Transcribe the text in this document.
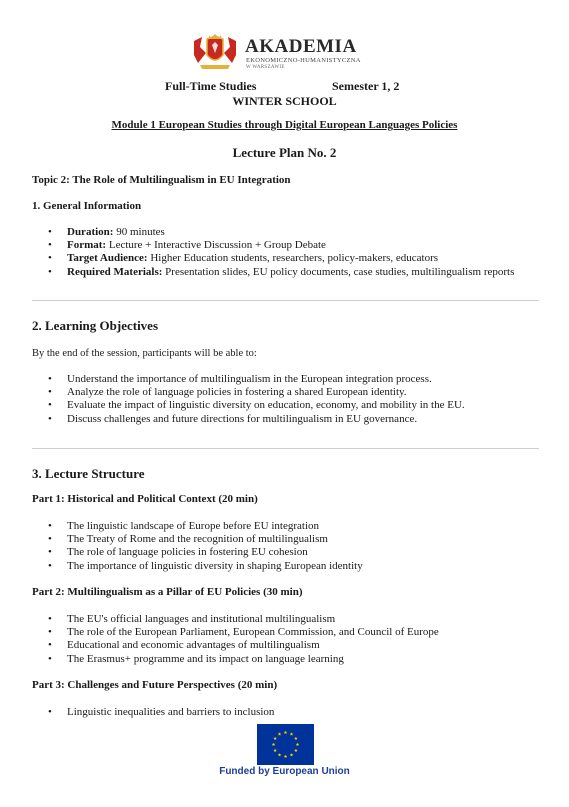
AKADEMIA
EKONOMICZNO-HUMANISTYCZNA
W WARSZAWIE
Full-Time Studies	Semester 1, 2
WINTER SCHOOL
Module 1 European Studies through Digital European Languages Policies
Lecture Plan No. 2
Topic 2: The Role of Multilingualism in EU Integration
1. General Information
• Duration: 90 minutes
• Format: Lecture + Interactive Discussion + Group Debate
• Target Audience: Higher Education students, researchers, policy-makers, educators
• Required Materials: Presentation slides, EU policy documents, case studies, multilingualism reports
2. Learning Objectives
By the end of the session, participants will be able to:
• Understand the importance of multilingualism in the European integration process.
• Analyze the role of language policies in fostering a shared European identity.
• Evaluate the impact of linguistic diversity on education, economy, and mobility in the EU.
• Discuss challenges and future directions for multilingualism in EU governance.
3. Lecture Structure
Part 1: Historical and Political Context (20 min)
• The linguistic landscape of Europe before EU integration
• The Treaty of Rome and the recognition of multilingualism
• The role of language policies in fostering EU cohesion
• The importance of linguistic diversity in shaping European identity
Part 2: Multilingualism as a Pillar of EU Policies (30 min)
• The EU's official languages and institutional multilingualism
• The role of the European Parliament, European Commission, and Council of Europe
• Educational and economic advantages of multilingualism
• The Erasmus+ programme and its impact on language learning
Part 3: Challenges and Future Perspectives (20 min)
• Linguistic inequalities and barriers to inclusion
Funded by European Union
